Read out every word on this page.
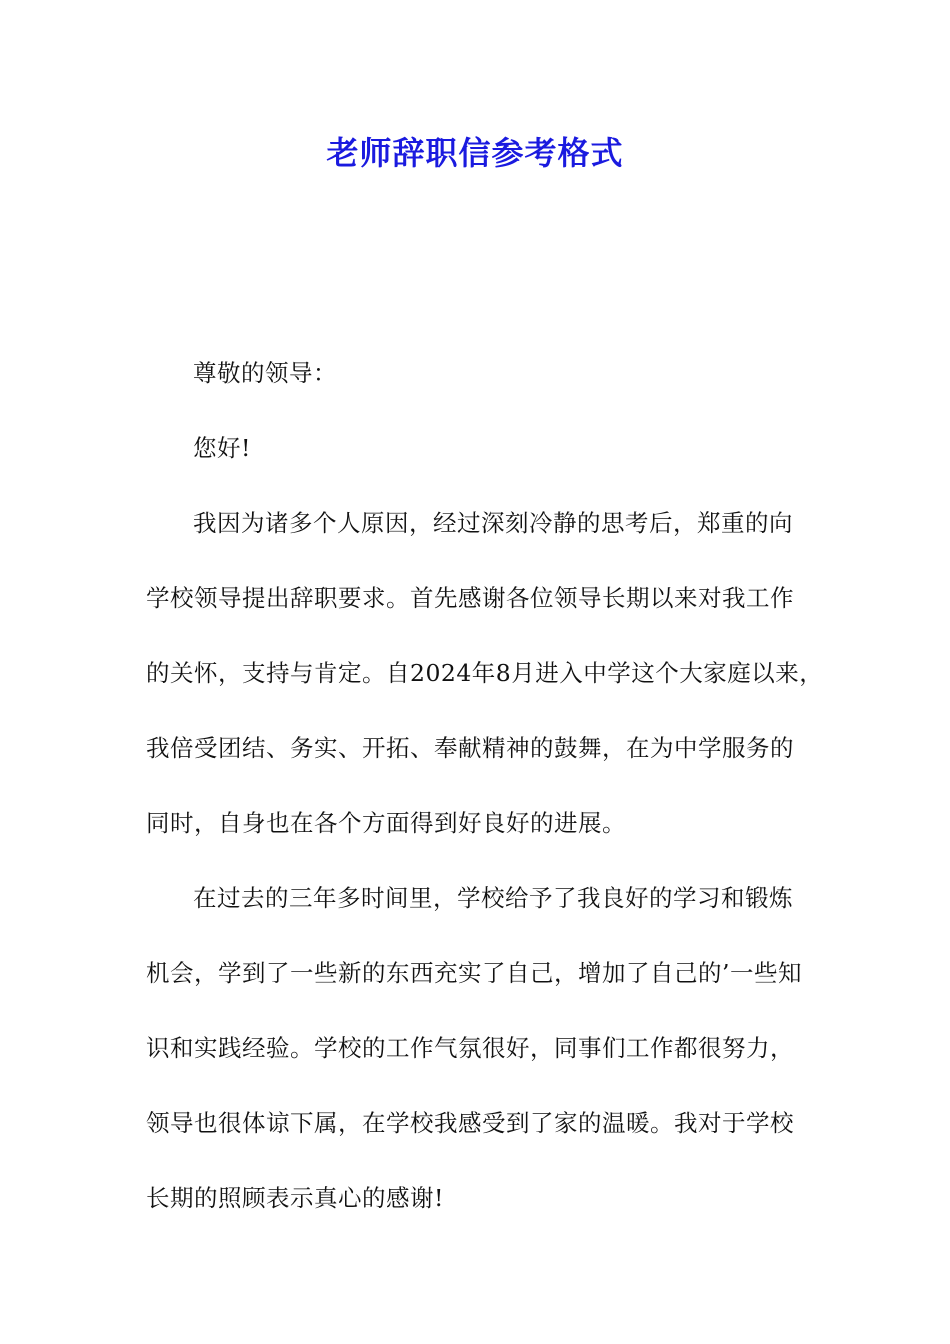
老师辞职信参考格式
尊敬的领导：
您好!
我因为诸多个人原因，经过深刻冷静的思考后，郑重的向
学校领导提出辞职要求。首先感谢各位领导长期以来对我工作
的关怀，支持与肯定。自2024年8月进入中学这个大家庭以来，
我倍受团结、务实、开拓、奉献精神的鼓舞，在为中学服务的
同时，自身也在各个方面得到好良好的进展。
在过去的三年多时间里，学校给予了我良好的学习和锻炼
机会，学到了一些新的东西充实了自己，增加了自己的’一些知
识和实践经验。学校的工作气氛很好，同事们工作都很努力，
领导也很体谅下属，在学校我感受到了家的温暖。我对于学校
长期的照顾表示真心的感谢!
